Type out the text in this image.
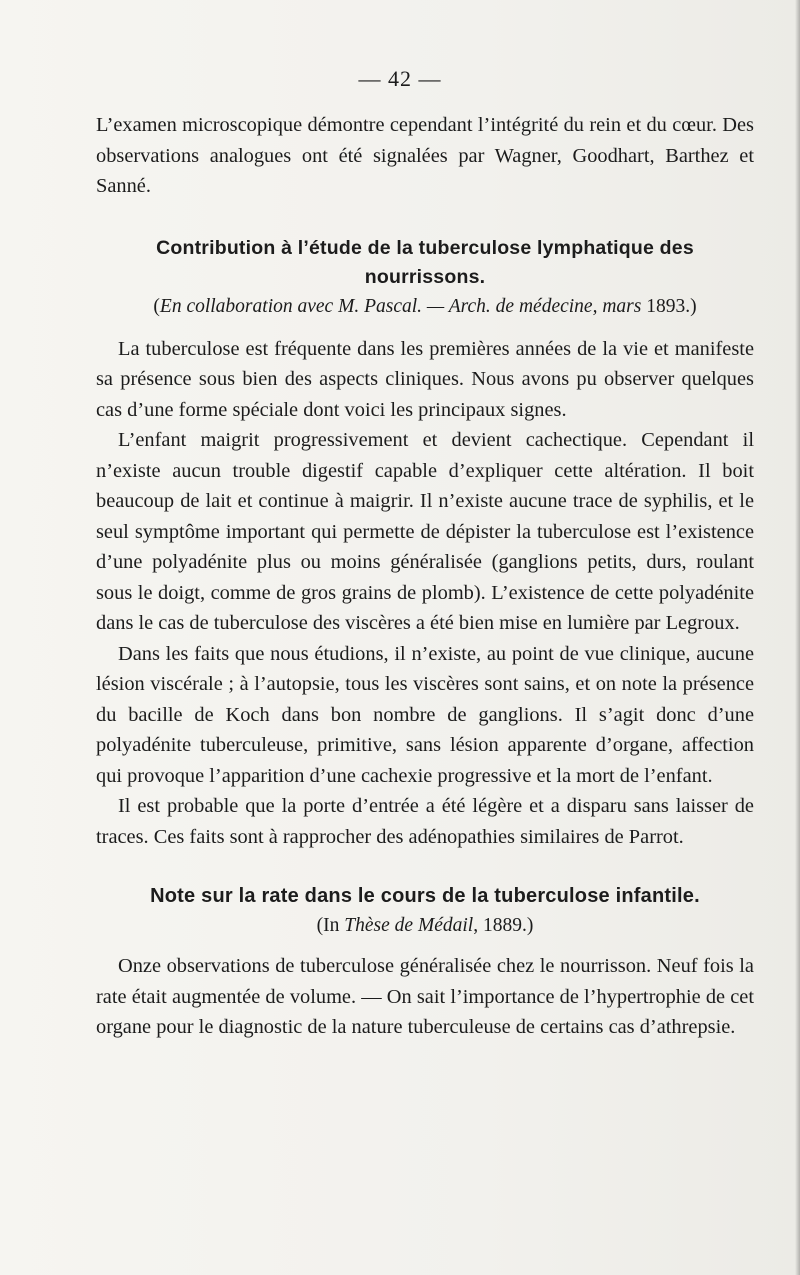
— 42 —

L’examen microscopique démontre cependant l’intégrité du rein et du cœur. Des observations analogues ont été signalées par Wagner, Goodhart, Barthez et Sanné.

Contribution à l’étude de la tuberculose lymphatique des nourrissons.
(En collaboration avec M. Pascal. — Arch. de médecine, mars 1893.)

La tuberculose est fréquente dans les premières années de la vie et manifeste sa présence sous bien des aspects cliniques. Nous avons pu observer quelques cas d’une forme spéciale dont voici les principaux signes.

L’enfant maigrit progressivement et devient cachectique. Cependant il n’existe aucun trouble digestif capable d’expliquer cette altération. Il boit beaucoup de lait et continue à maigrir. Il n’existe aucune trace de syphilis, et le seul symptôme important qui permette de dépister la tuberculose est l’existence d’une polyadénite plus ou moins généralisée (ganglions petits, durs, roulant sous le doigt, comme de gros grains de plomb). L’existence de cette polyadénite dans le cas de tuberculose des viscères a été bien mise en lumière par Legroux.

Dans les faits que nous étudions, il n’existe, au point de vue clinique, aucune lésion viscérale ; à l’autopsie, tous les viscères sont sains, et on note la présence du bacille de Koch dans bon nombre de ganglions. Il s’agit donc d’une polyadénite tuberculeuse, primitive, sans lésion apparente d’organe, affection qui provoque l’apparition d’une cachexie progressive et la mort de l’enfant.

Il est probable que la porte d’entrée a été légère et a disparu sans laisser de traces. Ces faits sont à rapprocher des adénopathies similaires de Parrot.

Note sur la rate dans le cours de la tuberculose infantile.
(In Thèse de Médail, 1889.)

Onze observations de tuberculose généralisée chez le nourrisson. Neuf fois la rate était augmentée de volume. — On sait l’importance de l’hypertrophie de cet organe pour le diagnostic de la nature tuberculeuse de certains cas d’athrepsie.
